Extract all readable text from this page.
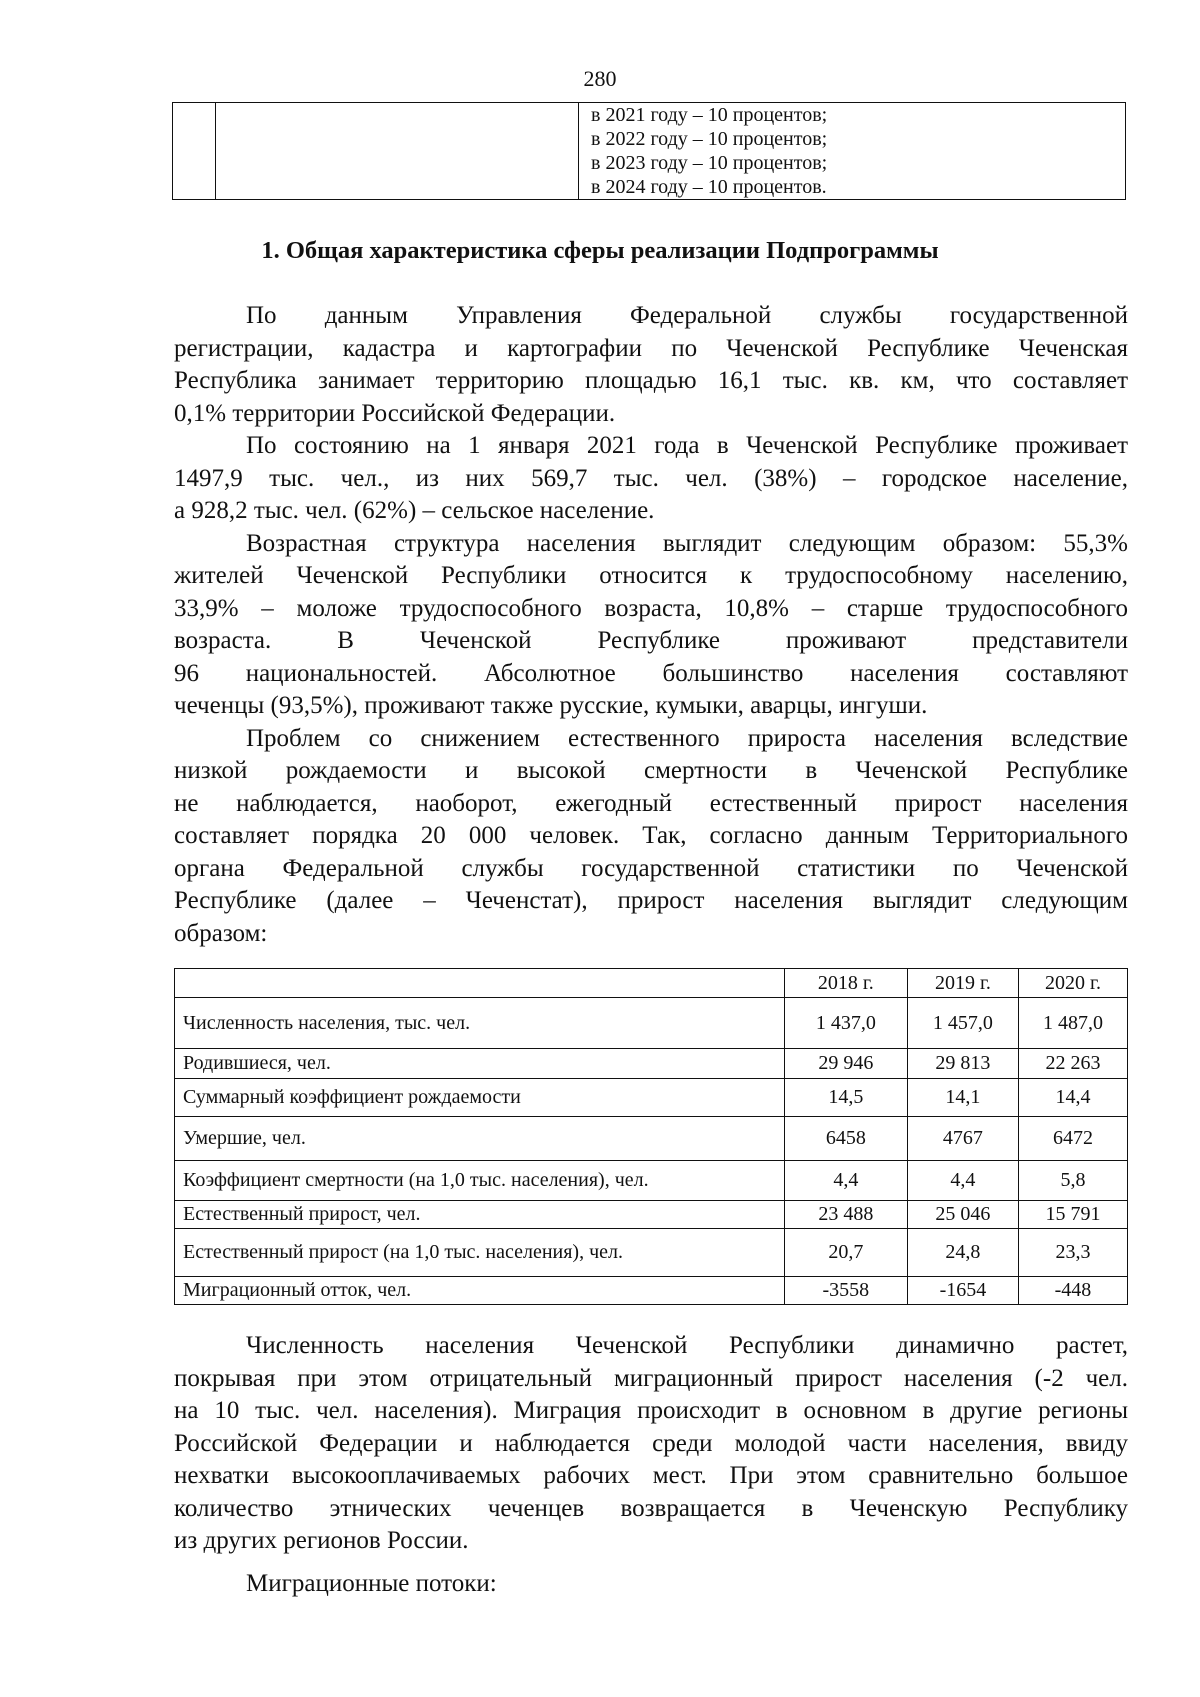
280

в 2021 году – 10 процентов;
в 2022 году – 10 процентов;
в 2023 году – 10 процентов;
в 2024 году – 10 процентов.
1. Общая характеристика сферы реализации Подпрограммы
По данным Управления Федеральной службы государственной
регистрации, кадастра и картографии по Чеченской Республике Чеченская
Республика занимает территорию площадью 16,1 тыс. кв. км, что составляет
0,1% территории Российской Федерации.
По состоянию на 1 января 2021 года в Чеченской Республике проживает
1497,9 тыс. чел., из них 569,7 тыс. чел. (38%) – городское население,
а 928,2 тыс. чел. (62%) – сельское население.
Возрастная структура населения выглядит следующим образом: 55,3%
жителей Чеченской Республики относится к трудоспособному населению,
33,9% – моложе трудоспособного возраста, 10,8% – старше трудоспособного
возраста. В Чеченской Республике проживают представители
96 национальностей. Абсолютное большинство населения составляют
чеченцы (93,5%), проживают также русские, кумыки, аварцы, ингуши.
Проблем со снижением естественного прироста населения вследствие
низкой рождаемости и высокой смертности в Чеченской Республике
не наблюдается, наоборот, ежегодный естественный прирост населения
составляет порядка 20 000 человек. Так, согласно данным Территориального
органа Федеральной службы государственной статистики по Чеченской
Республике (далее – Чеченстат), прирост населения выглядит следующим
образом:
	2018 г.	2019 г.	2020 г.
Численность населения, тыс. чел.	1 437,0	1 457,0	1 487,0
Родившиеся, чел.	29 946	29 813	22 263
Суммарный коэффициент рождаемости	14,5	14,1	14,4
Умершие, чел.	6458	4767	6472
Коэффициент смертности (на 1,0 тыс. населения), чел.	4,4	4,4	5,8
Естественный прирост, чел.	23 488	25 046	15 791
Естественный прирост (на 1,0 тыс. населения), чел.	20,7	24,8	23,3
Миграционный отток, чел.	-3558	-1654	-448
Численность населения Чеченской Республики динамично растет,
покрывая при этом отрицательный миграционный прирост населения (-2 чел.
на 10 тыс. чел. населения). Миграция происходит в основном в другие регионы
Российской Федерации и наблюдается среди молодой части населения, ввиду
нехватки высокооплачиваемых рабочих мест. При этом сравнительно большое
количество этнических чеченцев возвращается в Чеченскую Республику
из других регионов России.
Миграционные потоки:
